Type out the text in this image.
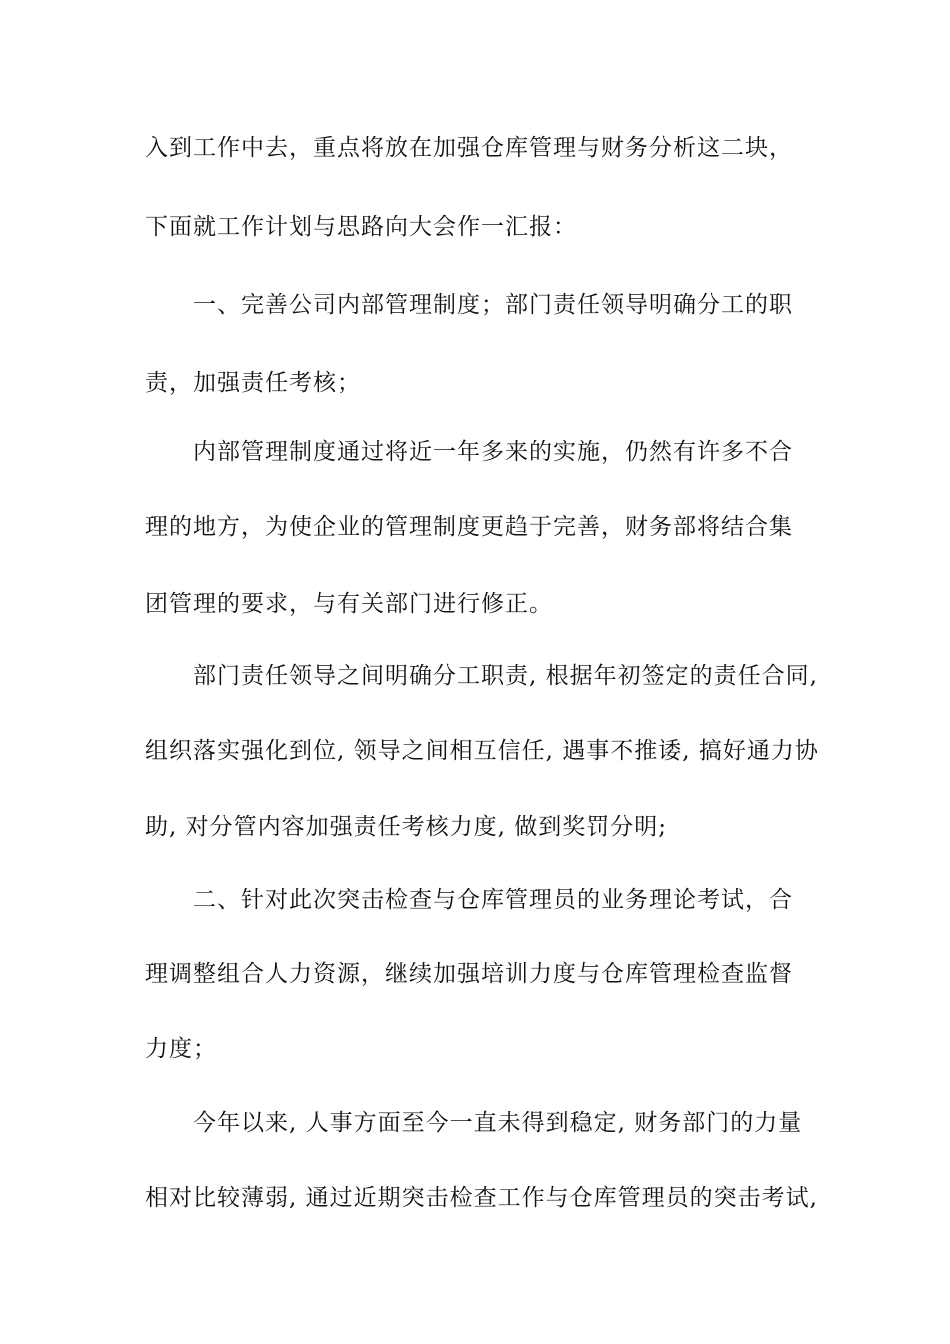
入到工作中去，重点将放在加强仓库管理与财务分析这二块，
下面就工作计划与思路向大会作一汇报：
一、完善公司内部管理制度；部门责任领导明确分工的职
责，加强责任考核；
内部管理制度通过将近一年多来的实施，仍然有许多不合
理的地方，为使企业的管理制度更趋于完善，财务部将结合集
团管理的要求，与有关部门进行修正。
部门责任领导之间明确分工职责, 根据年初签定的责任合同,
组织落实强化到位, 领导之间相互信任, 遇事不推诿, 搞好通力协
助, 对分管内容加强责任考核力度, 做到奖罚分明;
二、针对此次突击检查与仓库管理员的业务理论考试，合
理调整组合人力资源，继续加强培训力度与仓库管理检查监督
力度；
今年以来, 人事方面至今一直未得到稳定, 财务部门的力量
相对比较薄弱, 通过近期突击检查工作与仓库管理员的突击考试,
